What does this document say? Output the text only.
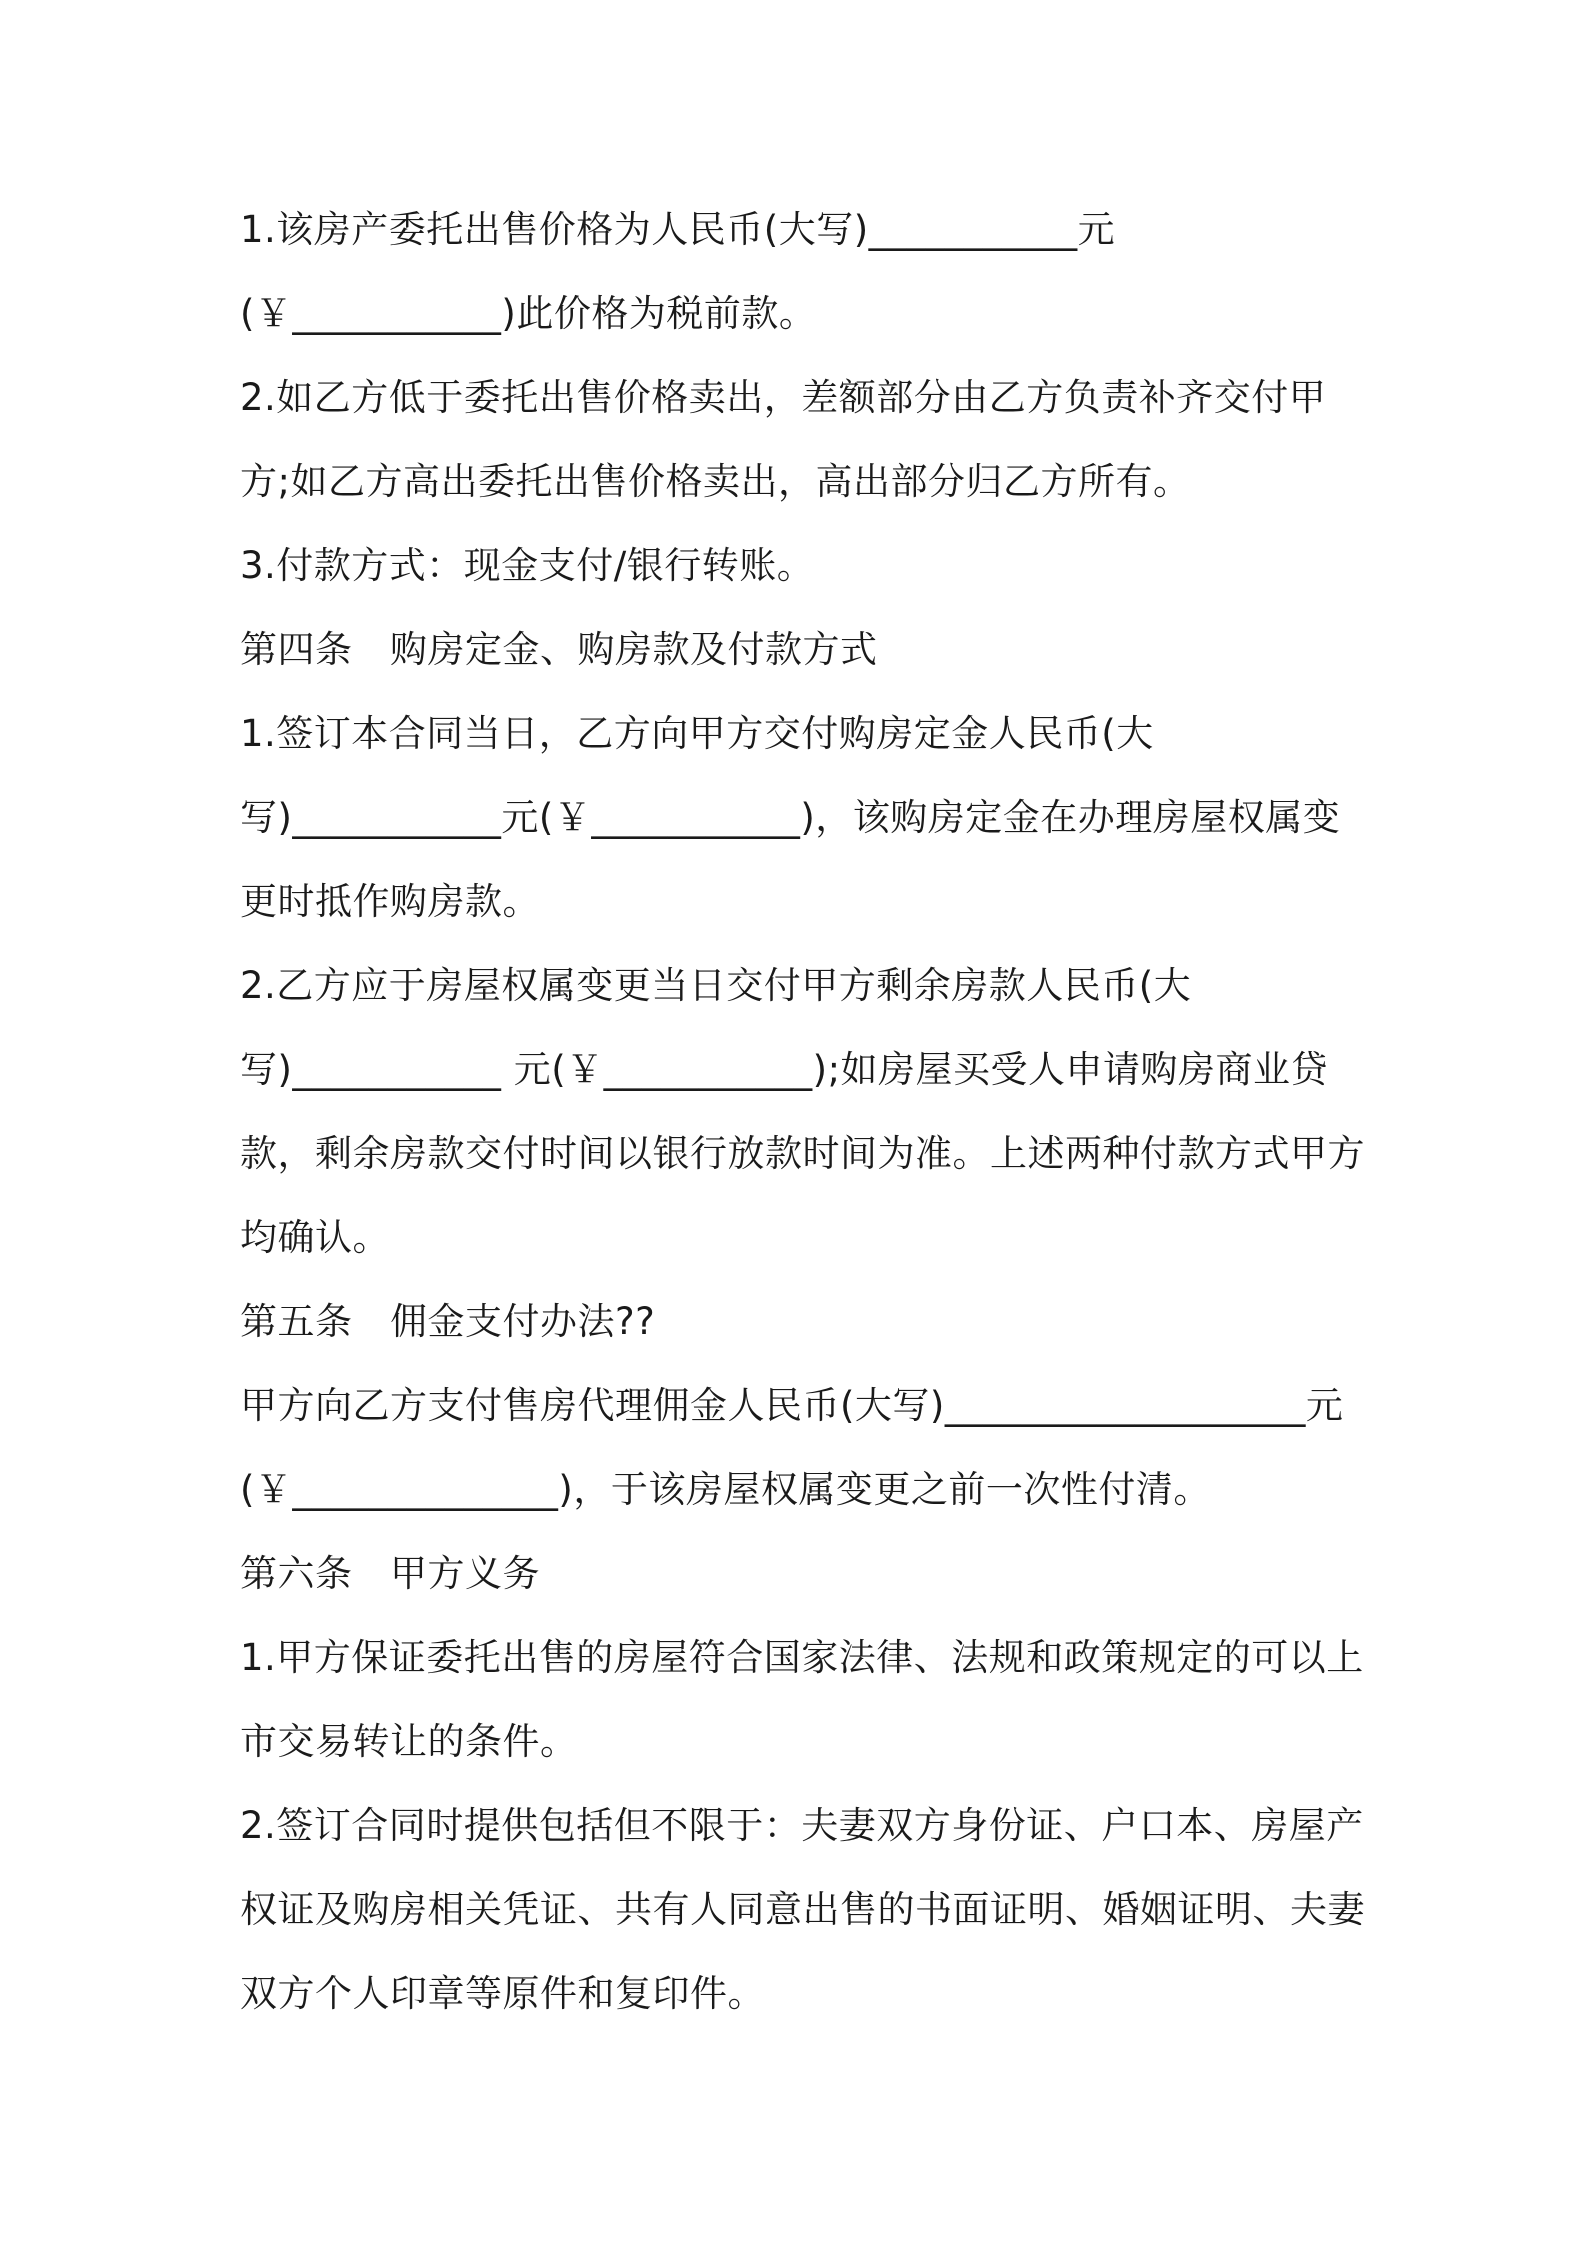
1.该房产委托出售价格为人民币(大写)___________元
(￥___________)此价格为税前款。
2.如乙方低于委托出售价格卖出，差额部分由乙方负责补齐交付甲
方;如乙方高出委托出售价格卖出，高出部分归乙方所有。
3.付款方式：现金支付/银行转账。
第四条　购房定金、购房款及付款方式
1.签订本合同当日，乙方向甲方交付购房定金人民币(大
写)___________元(￥___________)，该购房定金在办理房屋权属变
更时抵作购房款。
2.乙方应于房屋权属变更当日交付甲方剩余房款人民币(大
写)___________ 元(￥___________);如房屋买受人申请购房商业贷
款，剩余房款交付时间以银行放款时间为准。上述两种付款方式甲方
均确认。
第五条　佣金支付办法??
甲方向乙方支付售房代理佣金人民币(大写)___________________元
(￥______________)，于该房屋权属变更之前一次性付清。
第六条　甲方义务
1.甲方保证委托出售的房屋符合国家法律、法规和政策规定的可以上
市交易转让的条件。
2.签订合同时提供包括但不限于：夫妻双方身份证、户口本、房屋产
权证及购房相关凭证、共有人同意出售的书面证明、婚姻证明、夫妻
双方个人印章等原件和复印件。
